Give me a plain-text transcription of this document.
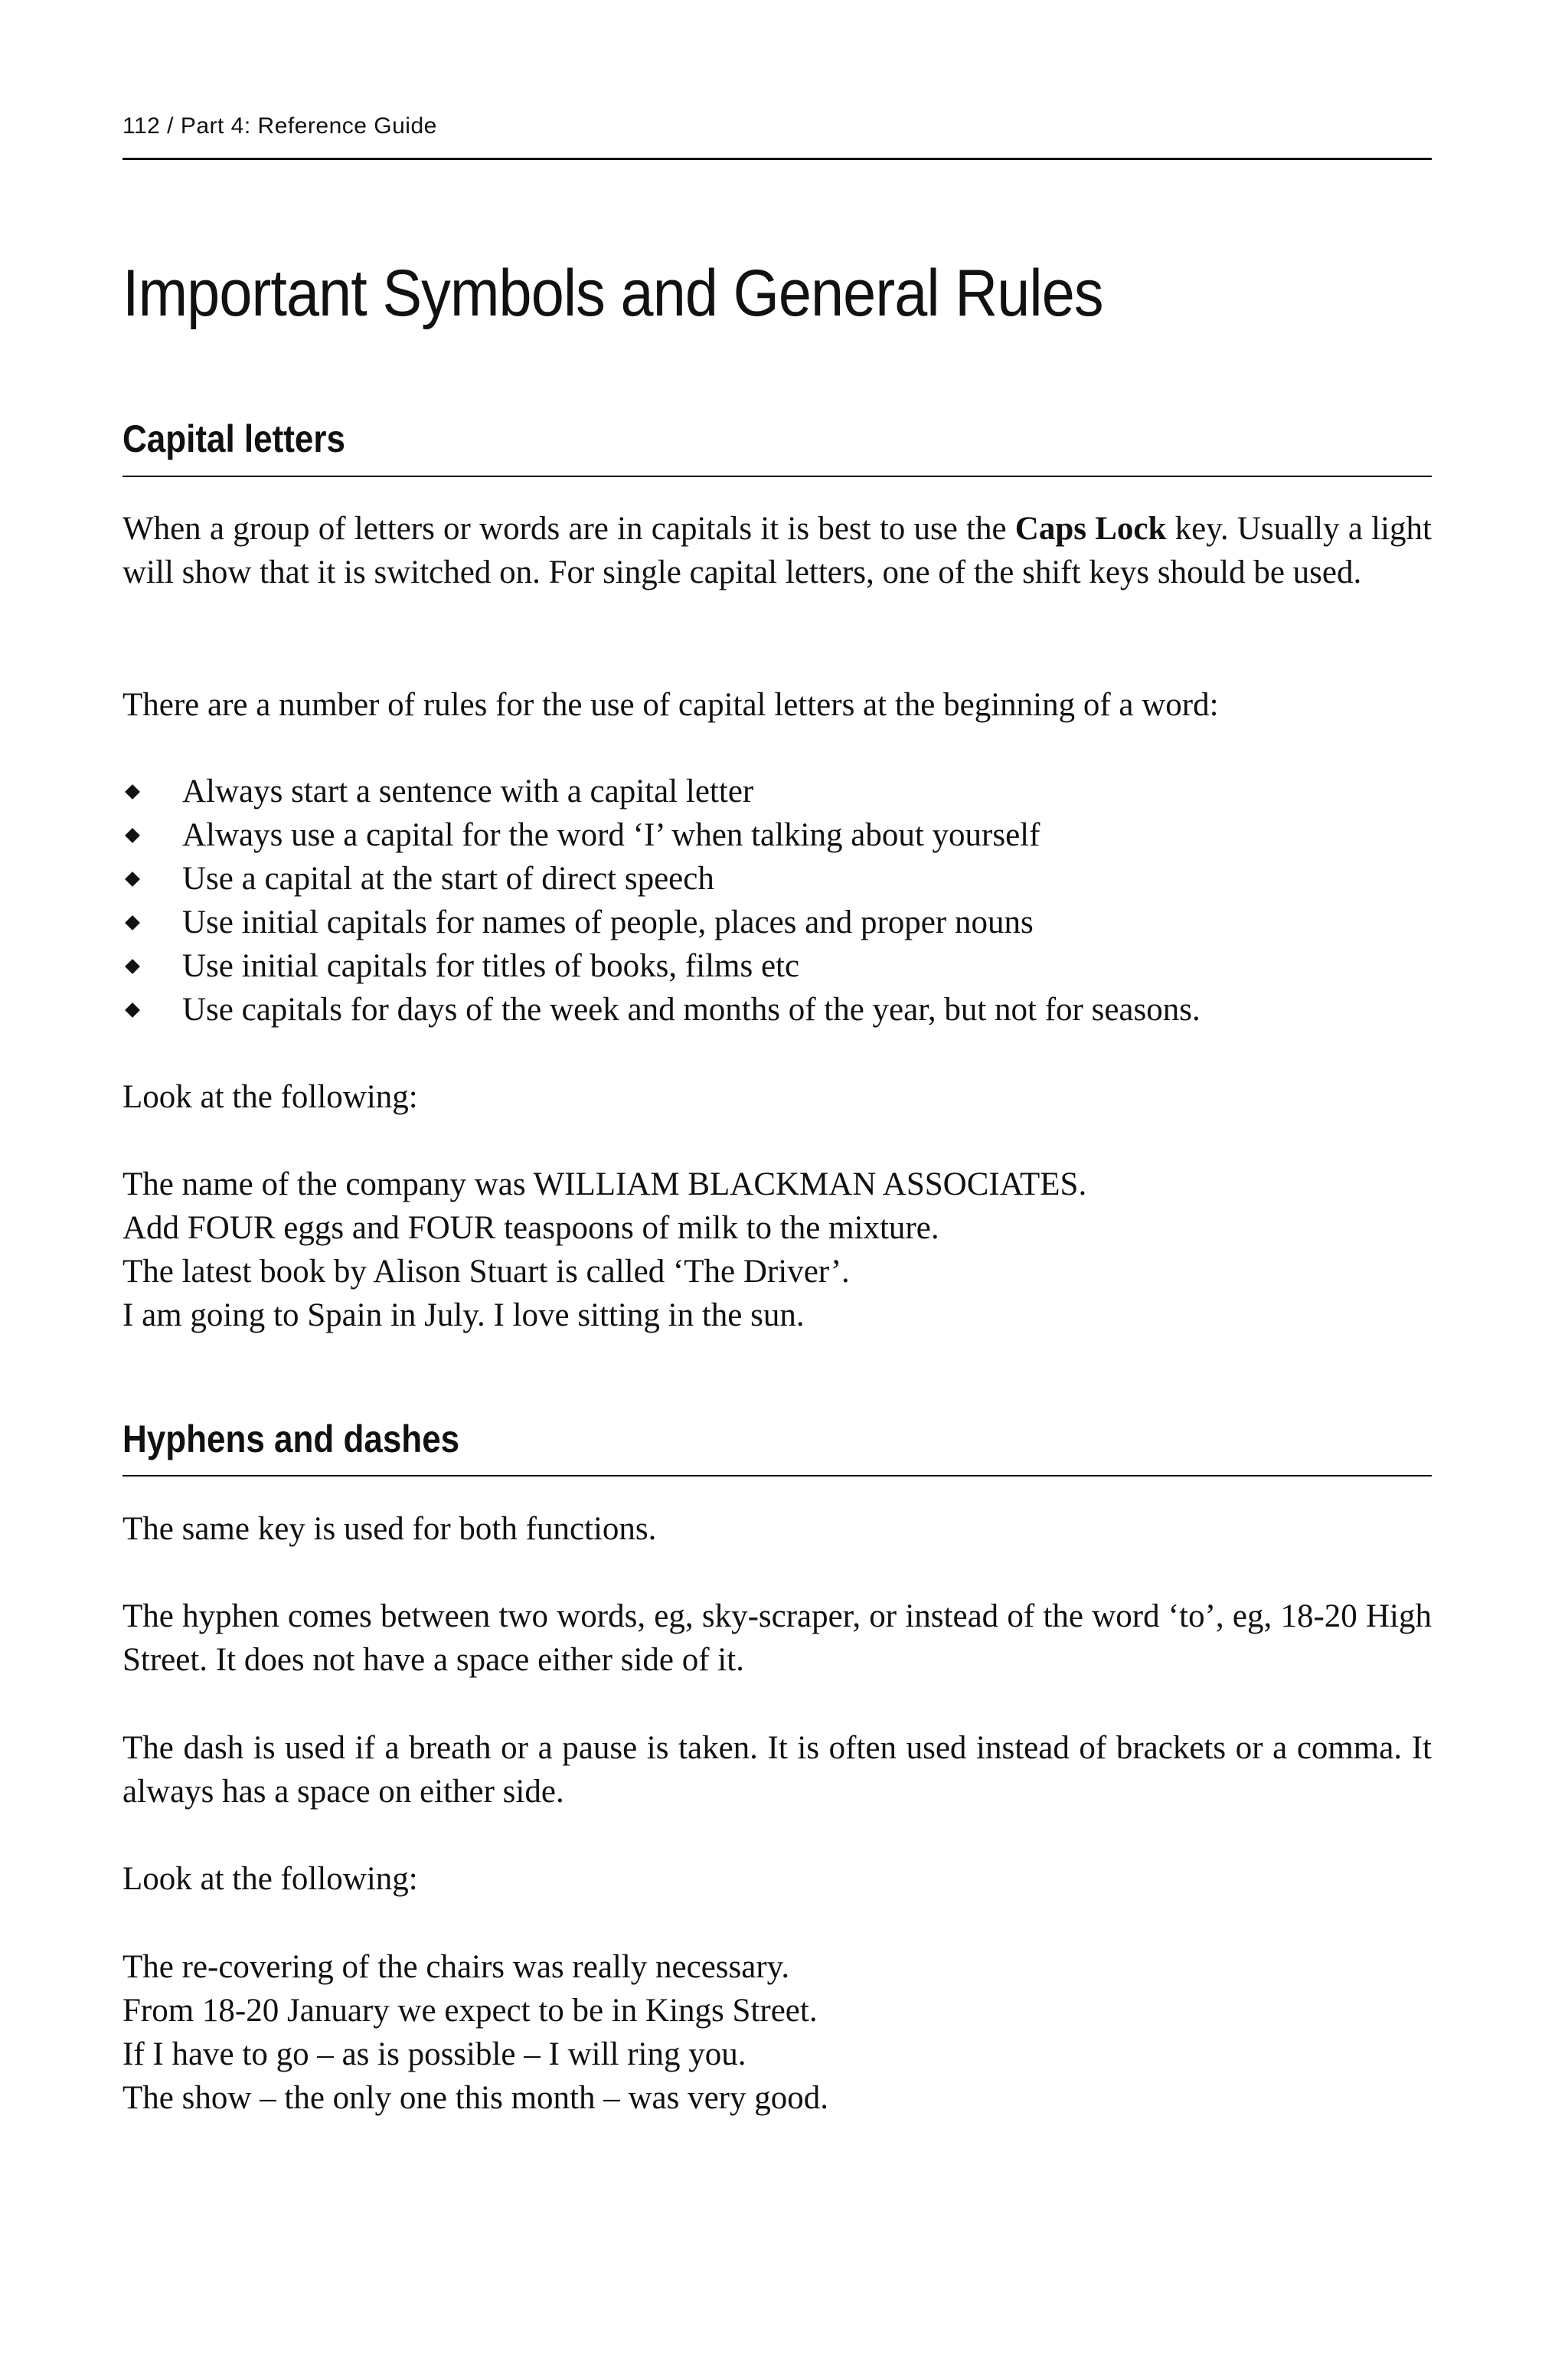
112 / Part 4: Reference Guide
Important Symbols and General Rules
Capital letters

When a group of letters or words are in capitals it is best to use the Caps Lock key. Usually a light will show that it is switched on. For single capital letters, one of the shift keys should be used.

There are a number of rules for the use of capital letters at the beginning of a word:

Always start a sentence with a capital letter
Always use a capital for the word ‘I’ when talking about yourself
Use a capital at the start of direct speech
Use initial capitals for names of people, places and proper nouns
Use initial capitals for titles of books, films etc
Use capitals for days of the week and months of the year, but not for seasons.

Look at the following:

The name of the company was WILLIAM BLACKMAN ASSOCIATES.
Add FOUR eggs and FOUR teaspoons of milk to the mixture.
The latest book by Alison Stuart is called ‘The Driver’.
I am going to Spain in July. I love sitting in the sun.
Hyphens and dashes

The same key is used for both functions.

The hyphen comes between two words, eg, sky-scraper, or instead of the word ‘to’, eg, 18-20 High Street. It does not have a space either side of it.

The dash is used if a breath or a pause is taken. It is often used instead of brackets or a comma. It always has a space on either side.

Look at the following:

The re-covering of the chairs was really necessary.
From 18-20 January we expect to be in Kings Street.
If I have to go – as is possible – I will ring you.
The show – the only one this month – was very good.
